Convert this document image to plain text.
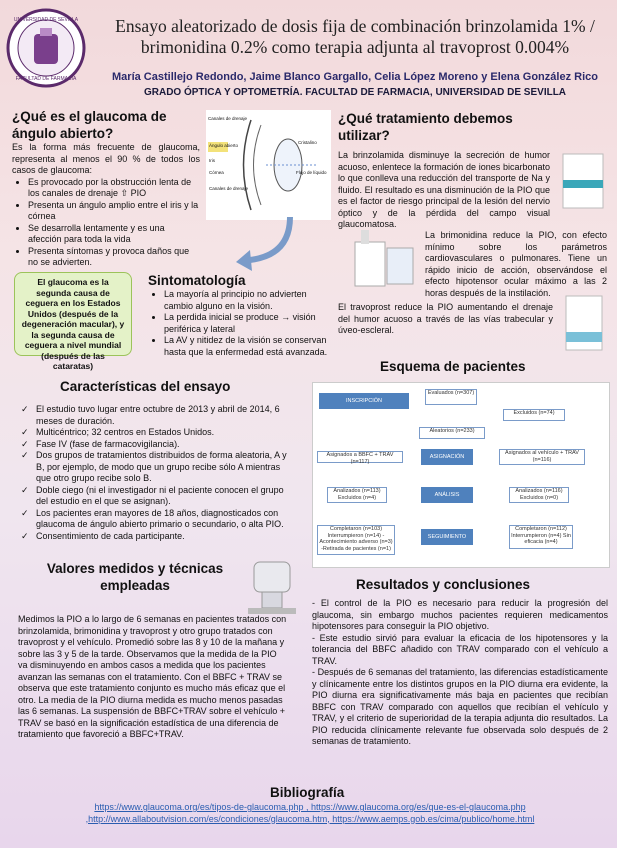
UNIVERSIDAD DE SEVILLA
FACULTAD DE FARMACIA
Ensayo aleatorizado de dosis fija de combinación brinzolamida 1% / brimonidina 0.2% como terapia adjunta al travoprost 0.004%
María Castillejo Redondo, Jaime Blanco Gargallo, Celia López Moreno y Elena González Rico
GRADO ÓPTICA Y OPTOMETRÍA. FACULTAD DE FARMACIA, UNIVERSIDAD DE SEVILLA
¿Qué es el glaucoma de ángulo abierto?

Es la forma más frecuente de glaucoma, representa al menos el 90 % de todos los casos de glaucoma:

• Es provocado por la obstrucción lenta de los canales de drenaje ⇧ PIO
• Presenta un ángulo amplio entre el iris y la córnea
• Se desarrolla lentamente y es una afección para toda la vida
• Presenta síntomas y provoca daños que no se advierten.
Canales de drenaje
Ángulo abierto
Iris
Córnea
Canales de drenaje
Cristalino
Flujo de líquido

El glaucoma es la segunda causa de ceguera en los Estados Unidos (después de la degeneración macular), y la segunda causa de ceguera a nivel mundial (después de las cataratas)

Sintomatología
• La mayoría al principio no advierten cambio alguno en la visión.
• La perdida inicial se produce → visión periférica y lateral
• La AV y nitidez de la visión se conservan hasta que la enfermedad está avanzada.
¿Qué tratamiento debemos utilizar?

La brinzolamida disminuye la secreción de humor acuoso, enlentece la formación de iones bicarbonato lo que conlleva una reducción del transporte de Na y fluido. El resultado es una disminución de la PIO que es el factor de riesgo principal de la lesión del nervio óptico y de la pérdida del campo visual glaucomatosa.

La brimonidina reduce la PIO, con efecto mínimo sobre los parámetros cardiovasculares o pulmonares. Tiene un rápido inicio de acción, observándose el efecto hipotensor ocular máximo a las 2 horas después de la instilación.

El travoprost reduce la PIO aumentando el drenaje del humor acuoso a través de las vías trabecular y úveo-escleral.

Esquema de pacientes
INSCRIPCIÓN
ASIGNACIÓN
ANÁLISIS
SEGUIMIENTO
Evaluados (n=307)
Excluidos (n=74)
Aleatorios (n=233)
Asignados a BBFC + TRAV (n=117)
Asignados al vehículo + TRAV (n=116)
Analizados (n=113) Excluidos (n=4)
Analizados (n=116) Excluidos (n=0)
Completaron (n=103) Interrumpieron (n=14) -Acontecimiento adverso (n=3) -Retirada de pacientes (n=1)
Completaron (n=112) Interrumpieron (n=4) Sin eficacia (n=4)
Características del ensayo
✓ El estudio tuvo lugar entre octubre de 2013 y abril de 2014, 6 meses de duración.
✓ Multicéntrico; 32 centros en Estados Unidos.
✓ Fase IV (fase de farmacovigilancia).
✓ Dos grupos de tratamientos distribuidos de forma aleatoria, A y B, por ejemplo, de modo que un grupo recibe sólo A mientras que otro grupo recibe solo B.
✓ Doble ciego (ni el investigador ni el paciente conocen el grupo del estudio en el que se asignan).
✓ Los pacientes eran mayores de 18 años, diagnosticados con glaucoma de ángulo abierto primario o secundario, o alta PIO.
✓ Consentimiento de cada participante.
Valores medidos y técnicas empleadas

Medimos la PIO a lo largo de 6 semanas en pacientes tratados con brinzolamida, brimonidina y travoprost y otro grupo tratados con travoprost y el vehículo. Promedió sobre las 8 y 10 de la mañana y sobre las 3 y 5 de la tarde. Observamos que la medida de la PIO va disminuyendo en ambos casos a medida que los pacientes avanzan las semanas con el tratamiento. Con el BBFC + TRAV se observa que este tratamiento conjunto es mucho más eficaz que el otro. La media de la PIO diurna medida es mucho menos pasadas las 6 semanas. La suspensión de BBFC+TRAV sobre el vehículo + TRAV se basó en la significación estadística de una diferencia de tratamiento que favoreció a BBFC+TRAV.

Resultados y conclusiones

- El control de la PIO es necesario para reducir la progresión del glaucoma, sin embargo muchos pacientes requieren medicamentos hipotensores para conseguir la PIO objetivo.

- Este estudio sirvió para evaluar la eficacia de los hipotensores y la tolerancia del BBFC añadido con TRAV comparado con el vehículo a TRAV.

- Después de 6 semanas del tratamiento, las diferencias estadísticamente y clínicamente entre los distintos grupos en la PIO diurna era evidente, la PIO diurna era significativamente más baja en pacientes que recibían BBFC con TRAV comparado con aquellos que recibían el vehículo y TRAV, y el criterio de superioridad de la terapia adjunta dio resultados. La PIO reducida clínicamente relevante fue observada solo después de 2 semanas de tratamiento.

Bibliografía

https://www.glaucoma.org/es/tipos-de-glaucoma.php , https://www.glaucoma.org/es/que-es-el-glaucoma.php

,http://www.allaboutvision.com/es/condiciones/glaucoma.htm, https://www.aemps.gob.es/cima/publico/home.html
